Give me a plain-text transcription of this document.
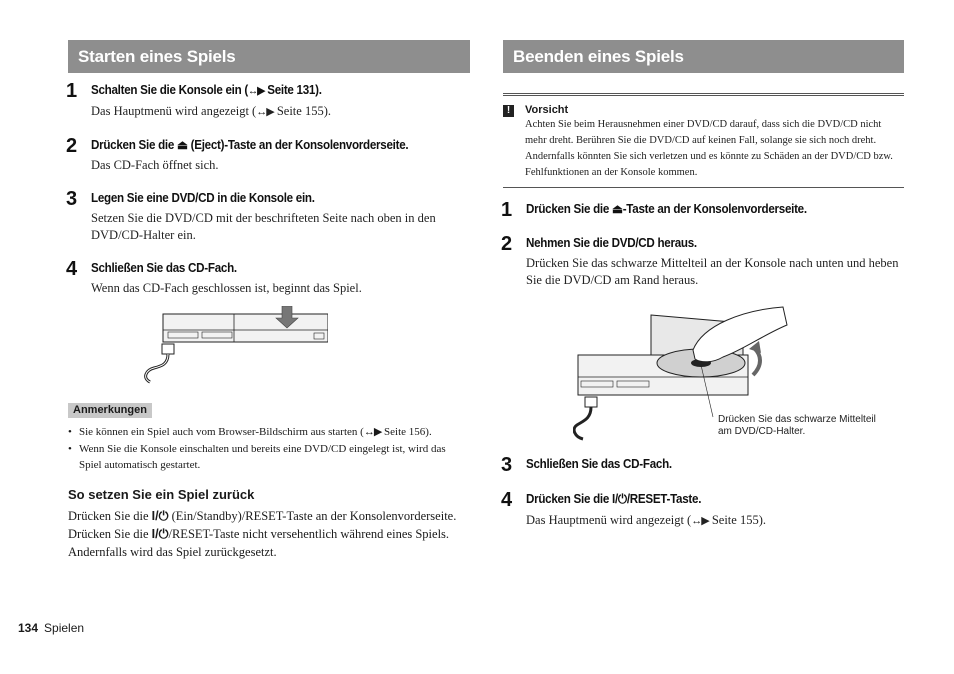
Starten eines Spiels
1 Schalten Sie die Konsole ein (↔▶ Seite 131).
Das Hauptmenü wird angezeigt (↔▶ Seite 155).
2 Drücken Sie die ⏏ (Eject)-Taste an der Konsolenvorderseite.
Das CD-Fach öffnet sich.
3 Legen Sie eine DVD/CD in die Konsole ein.
Setzen Sie die DVD/CD mit der beschrifteten Seite nach oben in den DVD/CD-Halter ein.
4 Schließen Sie das CD-Fach.
Wenn das CD-Fach geschlossen ist, beginnt das Spiel.
Anmerkungen
• Sie können ein Spiel auch vom Browser-Bildschirm aus starten (↔▶ Seite 156).
• Wenn Sie die Konsole einschalten und bereits eine DVD/CD eingelegt ist, wird das Spiel automatisch gestartet.
So setzen Sie ein Spiel zurück
Drücken Sie die I/⏻ (Ein/Standby)/RESET-Taste an der Konsolenvorderseite. Drücken Sie die I/⏻/RESET-Taste nicht versehentlich während eines Spiels. Andernfalls wird das Spiel zurückgesetzt.
Beenden eines Spiels
!	Vorsicht
Achten Sie beim Herausnehmen einer DVD/CD darauf, dass sich die DVD/CD nicht mehr dreht. Berühren Sie die DVD/CD auf keinen Fall, solange sie sich noch dreht. Andernfalls könnten Sie sich verletzen und es könnte zu Schäden an der DVD/CD bzw. Fehlfunktionen an der Konsole kommen.
1 Drücken Sie die ⏏-Taste an der Konsolenvorderseite.
2 Nehmen Sie die DVD/CD heraus.
Drücken Sie das schwarze Mittelteil an der Konsole nach unten und heben Sie die DVD/CD am Rand heraus.
Drücken Sie das schwarze Mittelteil am DVD/CD-Halter.
3 Schließen Sie das CD-Fach.
4 Drücken Sie die I/⏻/RESET-Taste.
Das Hauptmenü wird angezeigt (↔▶ Seite 155).
134 Spielen
